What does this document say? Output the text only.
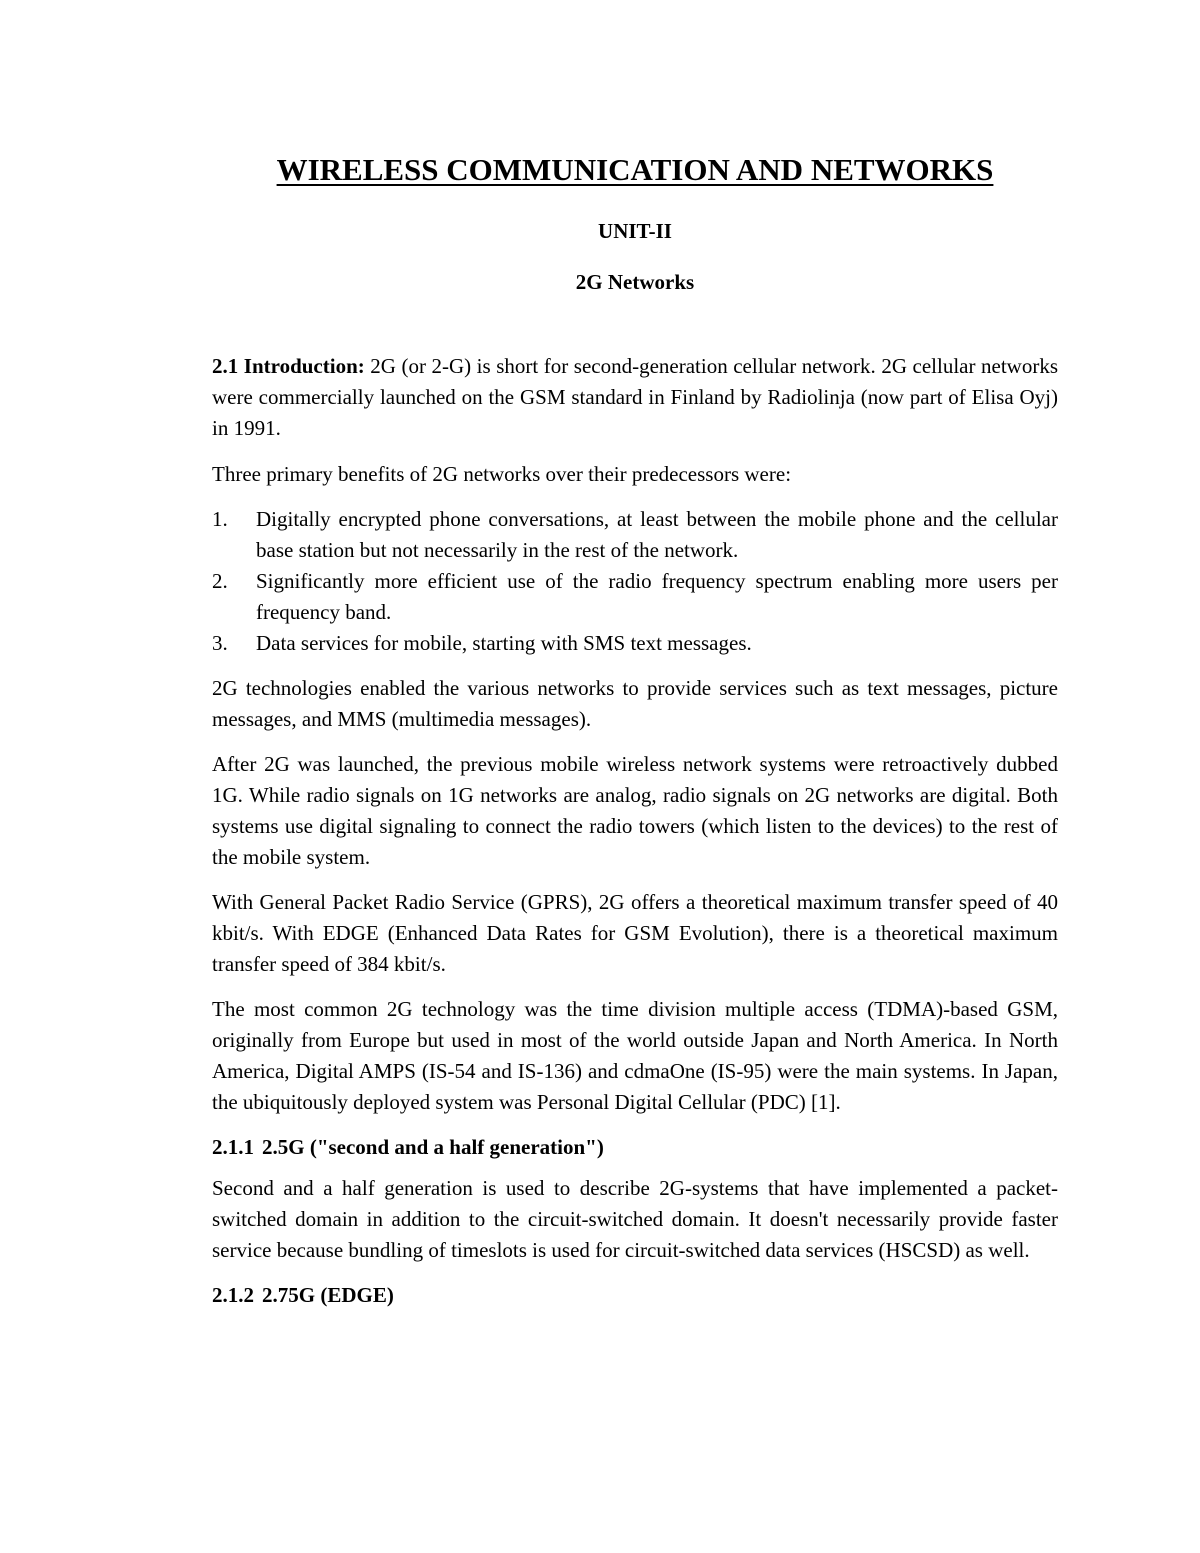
WIRELESS COMMUNICATION AND NETWORKS
UNIT-II
2G Networks

2.1 Introduction: 2G (or 2-G) is short for second-generation cellular network. 2G cellular networks were commercially launched on the GSM standard in Finland by Radiolinja (now part of Elisa Oyj) in 1991.

Three primary benefits of 2G networks over their predecessors were:

1. Digitally encrypted phone conversations, at least between the mobile phone and the cellular base station but not necessarily in the rest of the network.
2. Significantly more efficient use of the radio frequency spectrum enabling more users per frequency band.
3. Data services for mobile, starting with SMS text messages.

2G technologies enabled the various networks to provide services such as text messages, picture messages, and MMS (multimedia messages).

After 2G was launched, the previous mobile wireless network systems were retroactively dubbed 1G. While radio signals on 1G networks are analog, radio signals on 2G networks are digital. Both systems use digital signaling to connect the radio towers (which listen to the devices) to the rest of the mobile system.

With General Packet Radio Service (GPRS), 2G offers a theoretical maximum transfer speed of 40 kbit/s. With EDGE (Enhanced Data Rates for GSM Evolution), there is a theoretical maximum transfer speed of 384 kbit/s.

The most common 2G technology was the time division multiple access (TDMA)-based GSM, originally from Europe but used in most of the world outside Japan and North America. In North America, Digital AMPS (IS-54 and IS-136) and cdmaOne (IS-95) were the main systems. In Japan, the ubiquitously deployed system was Personal Digital Cellular (PDC) [1].

2.1.1 2.5G ("second and a half generation")

Second and a half generation is used to describe 2G-systems that have implemented a packet-switched domain in addition to the circuit-switched domain. It doesn't necessarily provide faster service because bundling of timeslots is used for circuit-switched data services (HSCSD) as well.

2.1.2 2.75G (EDGE)
